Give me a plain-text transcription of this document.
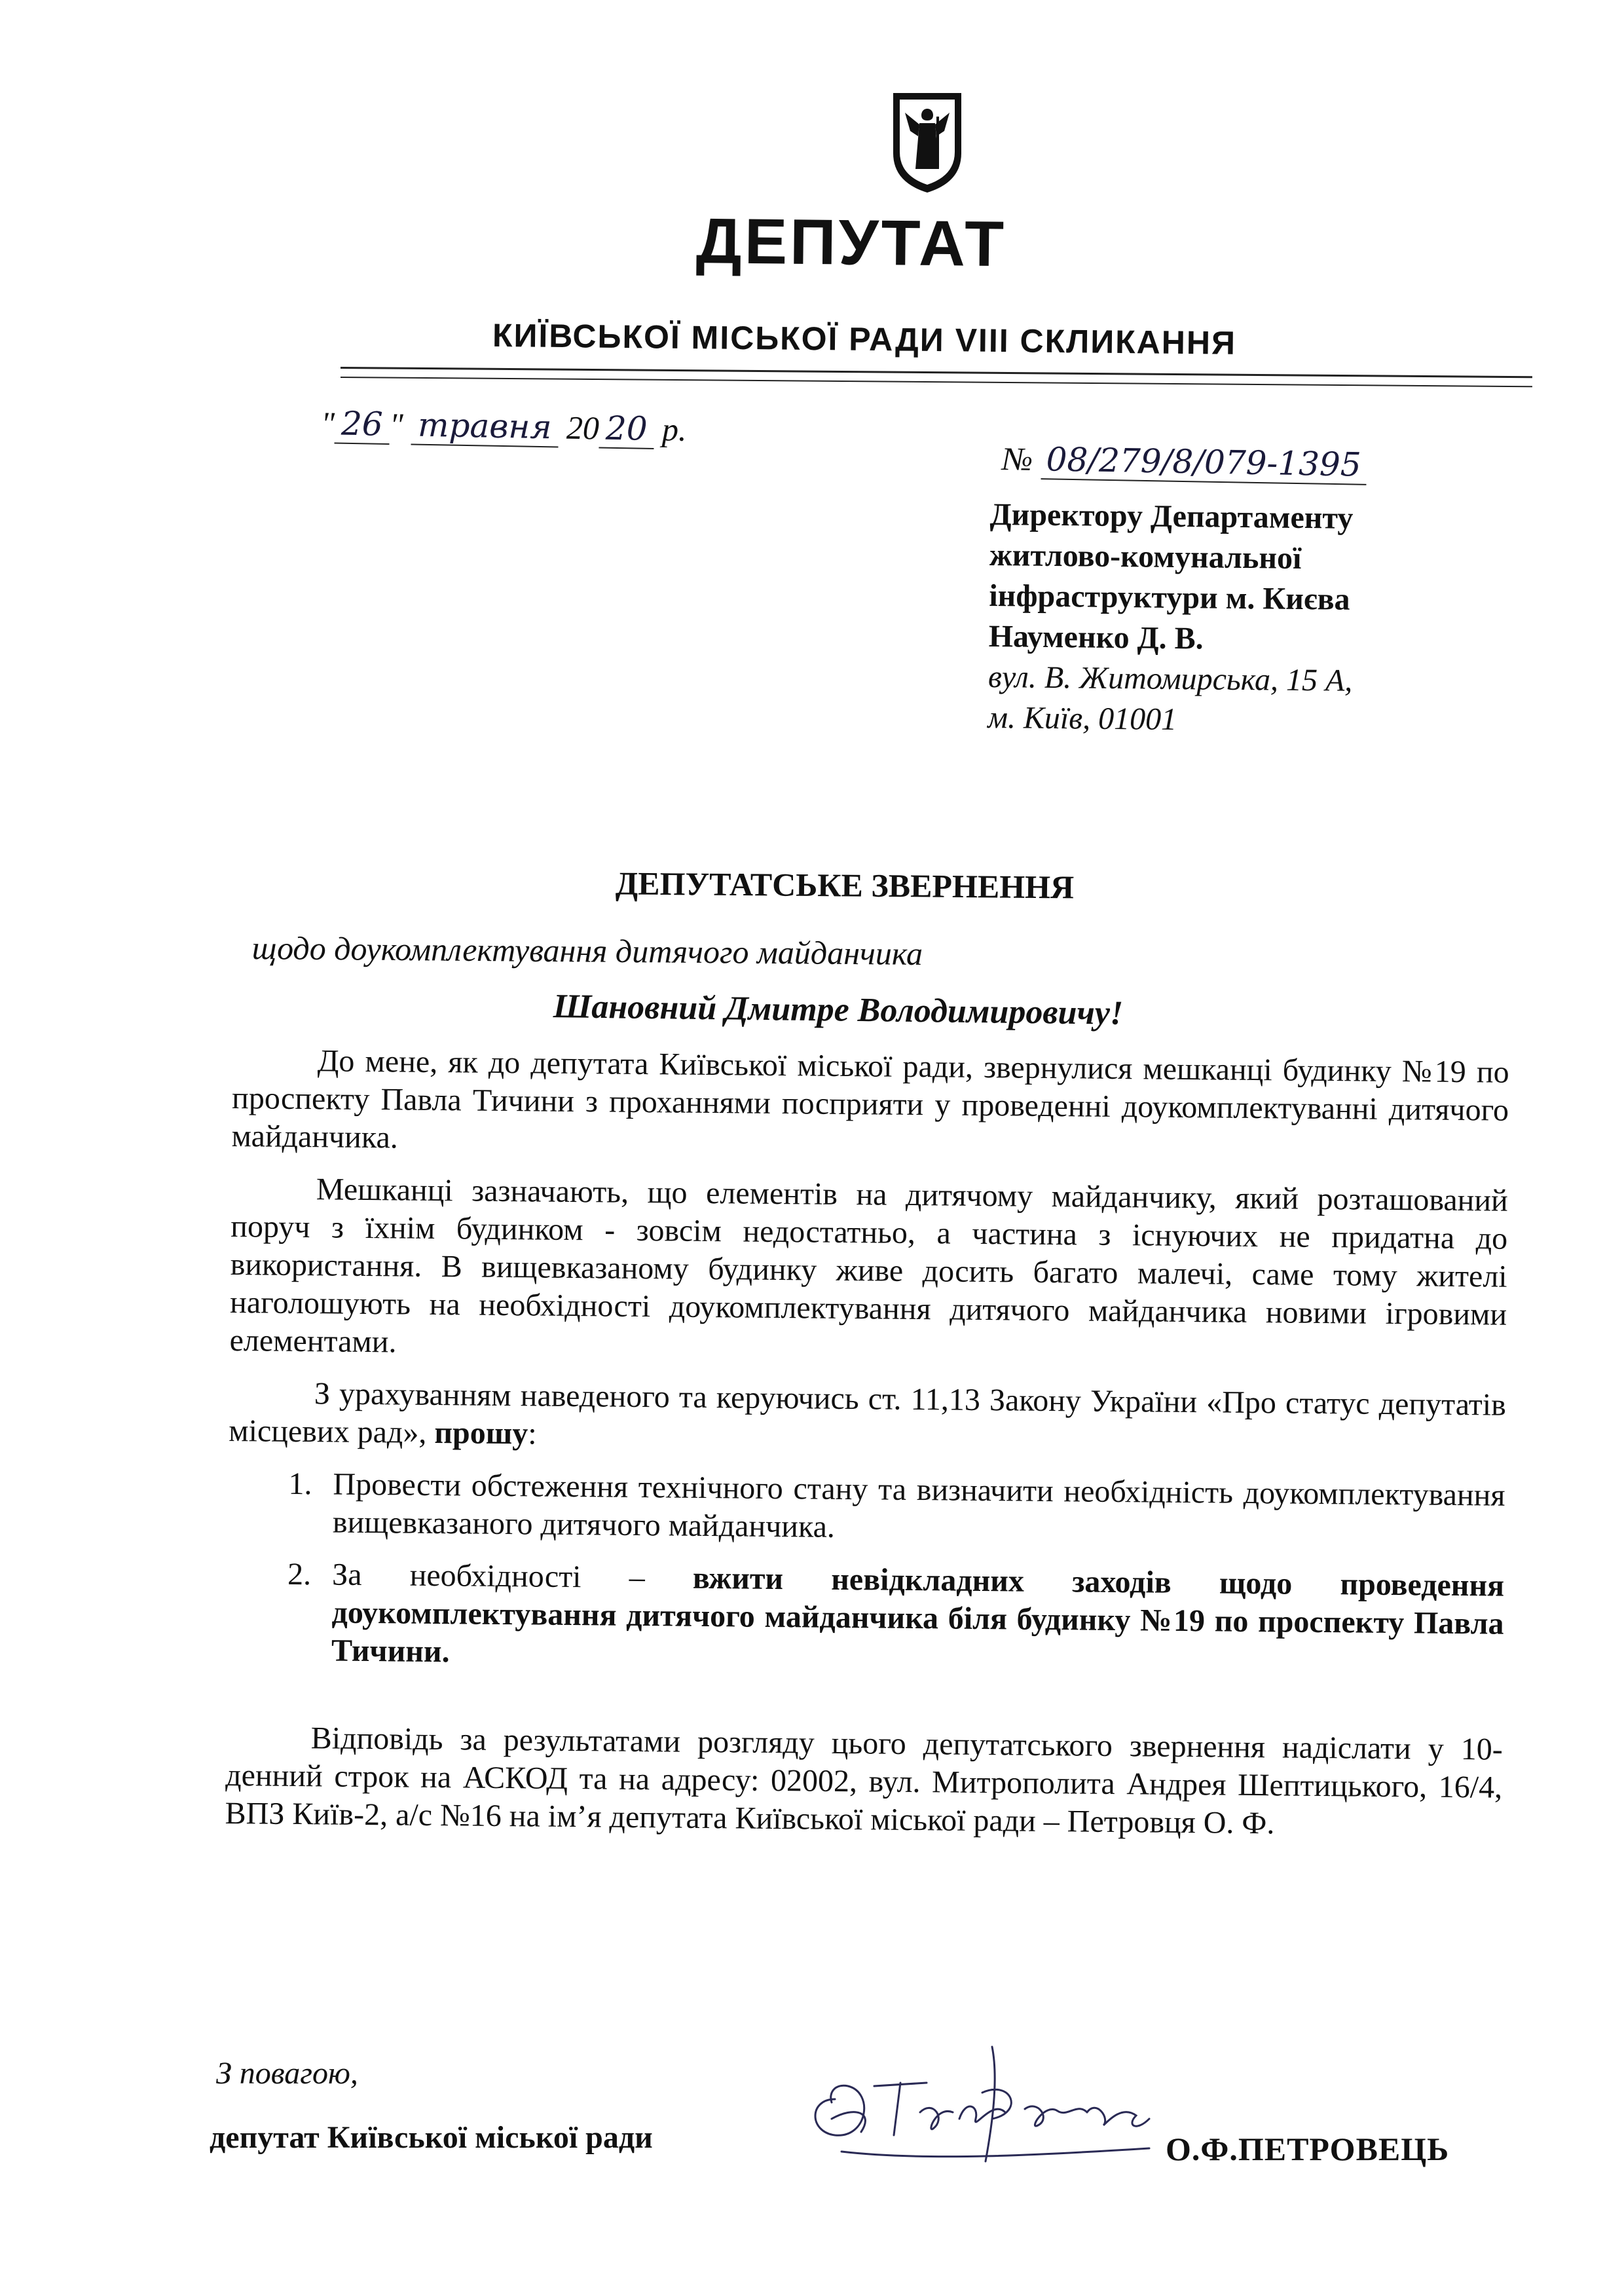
ДЕПУТАТ
КИЇВСЬКОЇ МІСЬКОЇ РАДИ VIII СКЛИКАННЯ
" 26 " травня 20 20 р.
№ 08/279/8/079-1395
Директору Департаменту
житлово-комунальної
інфраструктури м. Києва
Науменко Д. В.
вул. В. Житомирська, 15 А,
м. Київ, 01001
ДЕПУТАТСЬКЕ ЗВЕРНЕННЯ
щодо доукомплектування дитячого майданчика
Шановний Дмитре Володимировичу!

До мене, як до депутата Київської міської ради, звернулися мешканці будинку №19 по проспекту Павла Тичини з проханнями посприяти у проведенні доукомплектуванні дитячого майданчика.

Мешканці зазначають, що елементів на дитячому майданчику, який розташований поруч з їхнім будинком - зовсім недостатньо, а частина з існуючих не придатна до використання. В вищевказаному будинку живе досить багато малечі, саме тому жителі наголошують на необхідності доукомплектування дитячого майданчика новими ігровими елементами.

З урахуванням наведеного та керуючись ст. 11,13 Закону України «Про статус депутатів місцевих рад», прошу:

1. Провести обстеження технічного стану та визначити необхідність доукомплектування вищевказаного дитячого майданчика.
2. За необхідності – вжити невідкладних заходів щодо проведення доукомплектування дитячого майданчика біля будинку №19 по проспекту Павла Тичини.

Відповідь за результатами розгляду цього депутатського звернення надіслати у 10-денний строк на АСКОД та на адресу: 02002, вул. Митрополита Андрея Шептицького, 16/4, ВПЗ Київ-2, а/с №16 на ім’я депутата Київської міської ради – Петровця О. Ф.

З повагою,
депутат Київської міської ради	О.Ф.ПЕТРОВЕЦЬ
